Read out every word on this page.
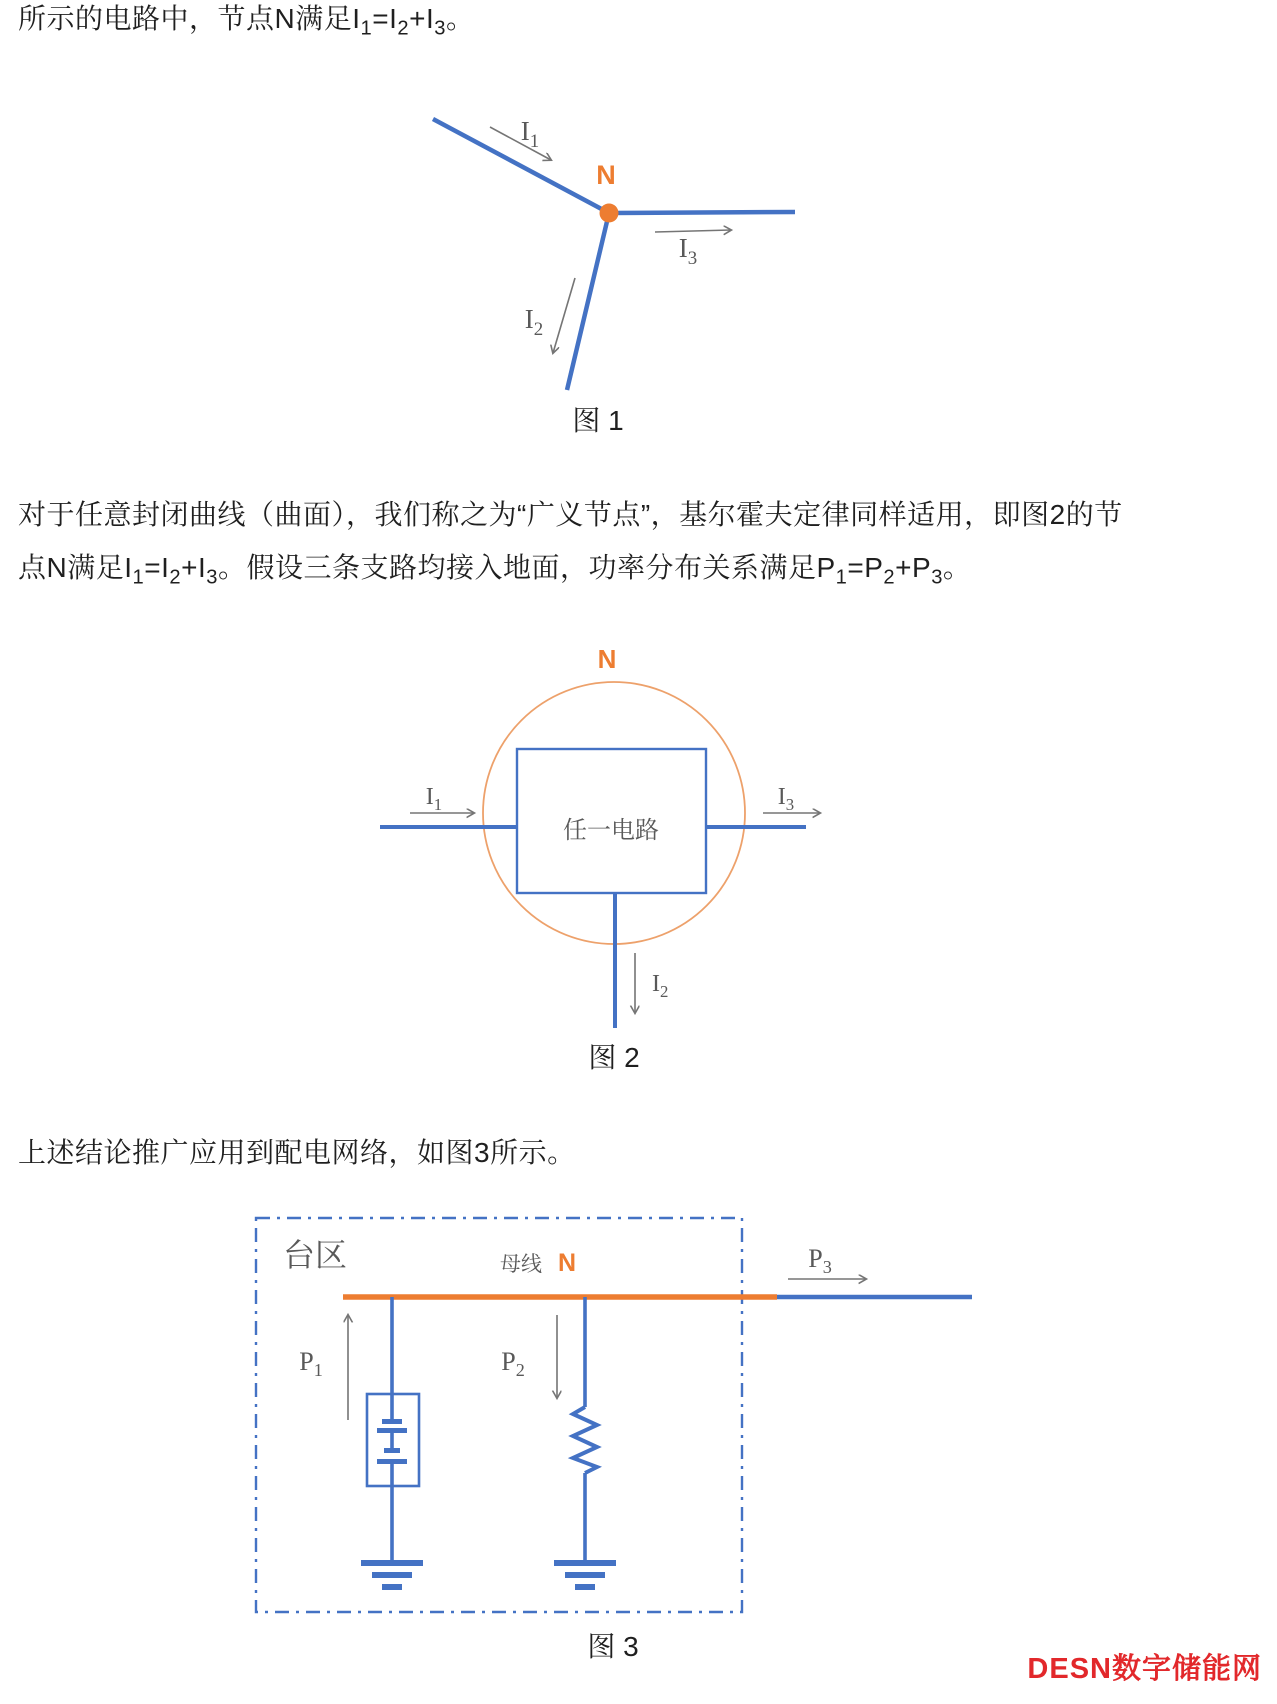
所示的电路中，节点N满足$I_1=I_2+I_3$。
对于任意封闭曲线（曲面），我们称之为“广义节点”，基尔霍夫定律同样适用，即图2的节
点N满足$I_1=I_2+I_3$。假设三条支路均接入地面，功率分布关系满足$P_1=P_2+P_3$。
上述结论推广应用到配电网络，如图3所示。
N
$I_1$
$I_2$
$I_3$
N
任一电路
$I_1$	$I_3$
$I_2$
台区	母线 N	$P_3$
$P_1$	$P_2$
图 1
图 2
图 3
DESN数字储能网
